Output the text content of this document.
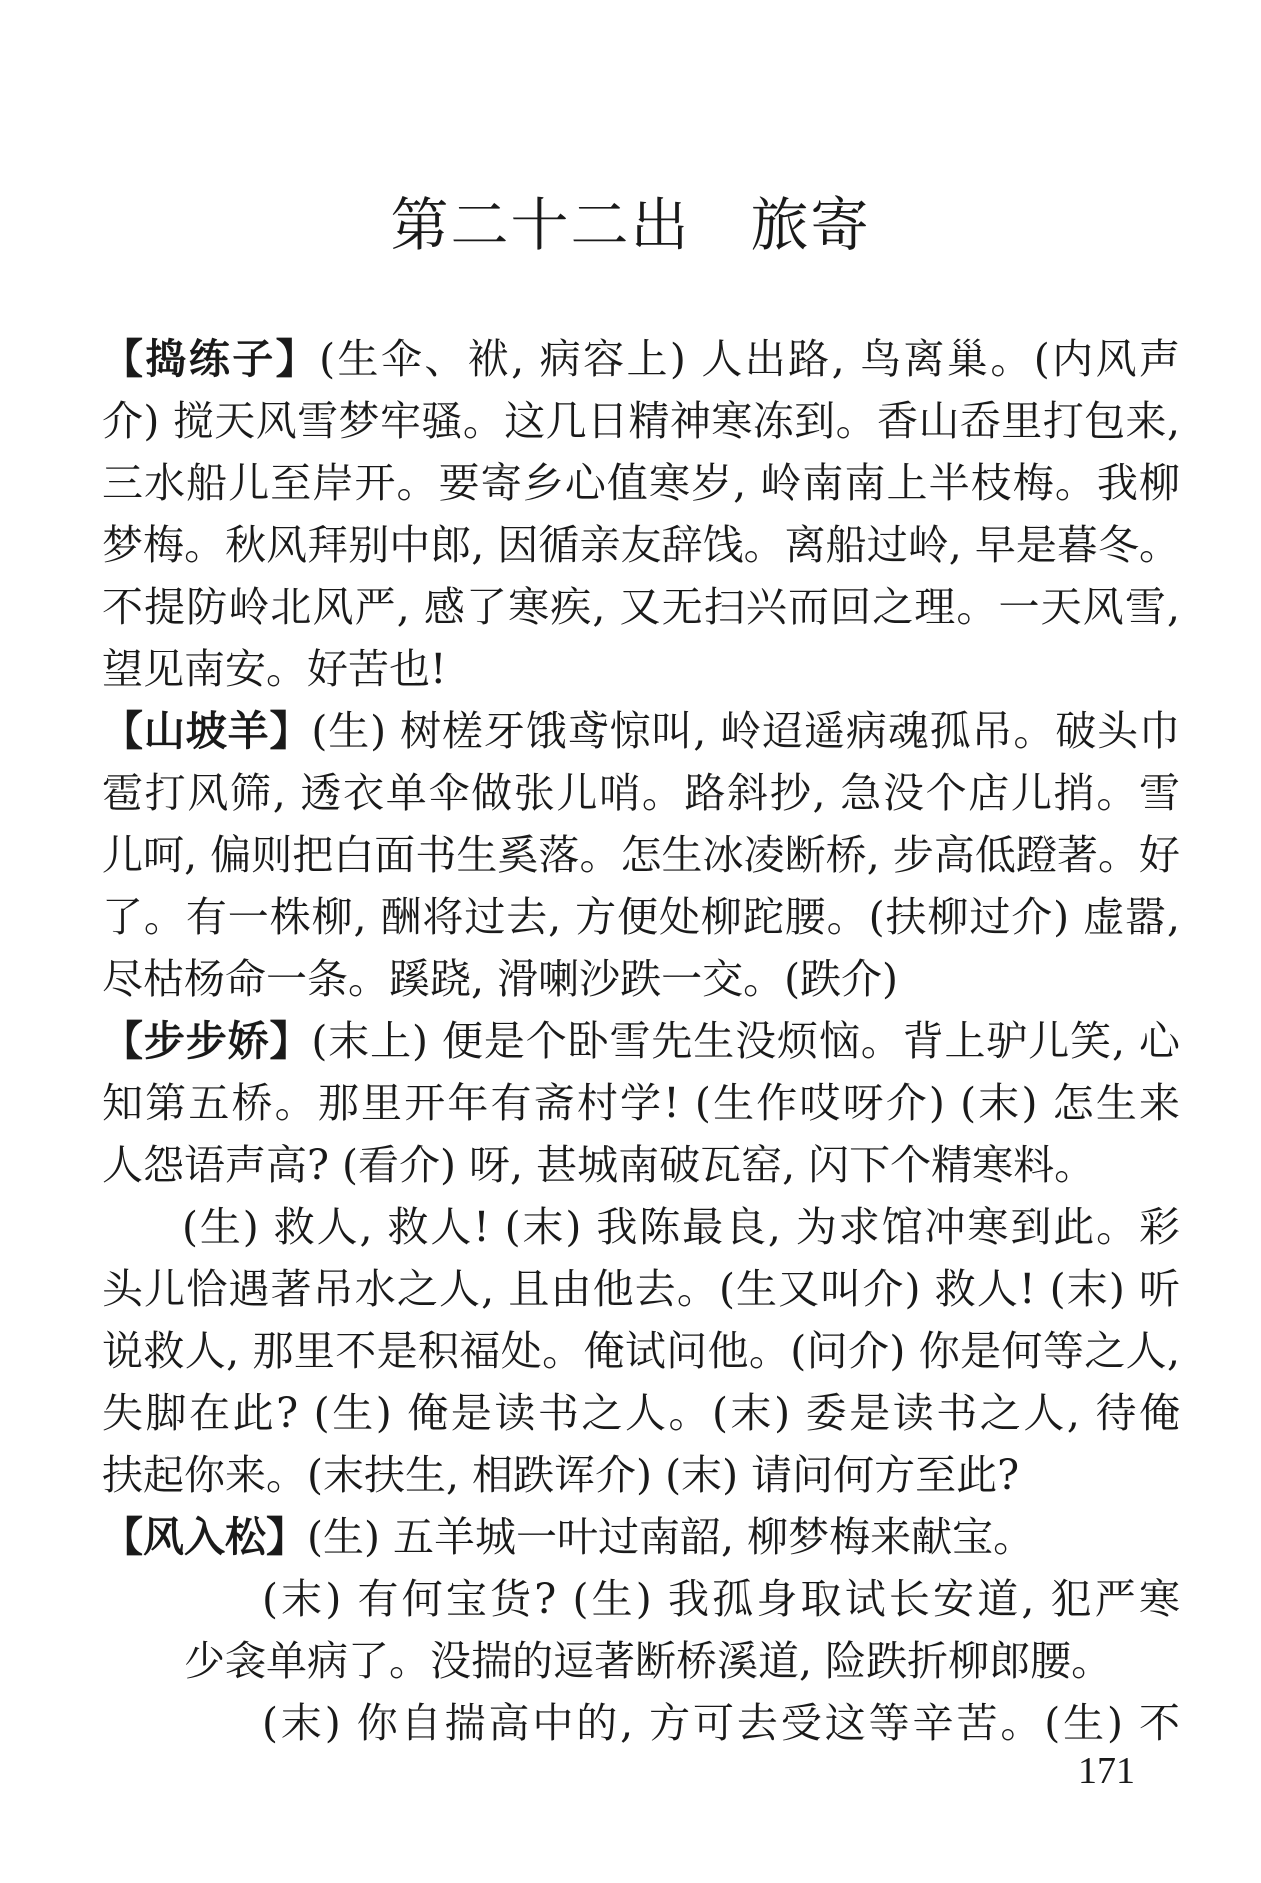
第二十二出　旅寄
【捣练子】(生伞、袱, 病容上) 人出路, 鸟离巢。(内风声
介) 搅天风雪梦牢骚。这几日精神寒冻到。香山岙里打包来,
三水船儿至岸开。要寄乡心值寒岁, 岭南南上半枝梅。我柳
梦梅。秋风拜别中郎, 因循亲友辞饯。离船过岭, 早是暮冬。
不提防岭北风严, 感了寒疾, 又无扫兴而回之理。一天风雪,
望见南安。好苦也!
【山坡羊】(生) 树槎牙饿鸢惊叫, 岭迢遥病魂孤吊。破头巾
雹打风筛, 透衣单伞做张儿哨。路斜抄, 急没个店儿捎。雪
儿呵, 偏则把白面书生奚落。怎生冰凌断桥, 步高低蹬著。好
了。有一株柳, 酬将过去, 方便处柳跎腰。(扶柳过介) 虚嚣,
尽枯杨命一条。蹊跷, 滑喇沙跌一交。(跌介)
【步步娇】(末上) 便是个卧雪先生没烦恼。背上驴儿笑, 心
知第五桥。那里开年有斋村学! (生作哎呀介) (末) 怎生来
人怨语声高? (看介) 呀, 甚城南破瓦窑, 闪下个精寒料。
(生) 救人, 救人! (末) 我陈最良, 为求馆冲寒到此。彩
头儿恰遇著吊水之人, 且由他去。(生又叫介) 救人! (末) 听
说救人, 那里不是积福处。俺试问他。(问介) 你是何等之人,
失脚在此? (生) 俺是读书之人。(末) 委是读书之人, 待俺
扶起你来。(末扶生, 相跌诨介) (末) 请问何方至此?
【风入松】(生) 五羊城一叶过南韶, 柳梦梅来献宝。
(末) 有何宝货? (生) 我孤身取试长安道, 犯严寒
少衾单病了。没揣的逗著断桥溪道, 险跌折柳郎腰。
(末) 你自揣高中的, 方可去受这等辛苦。(生) 不
171
